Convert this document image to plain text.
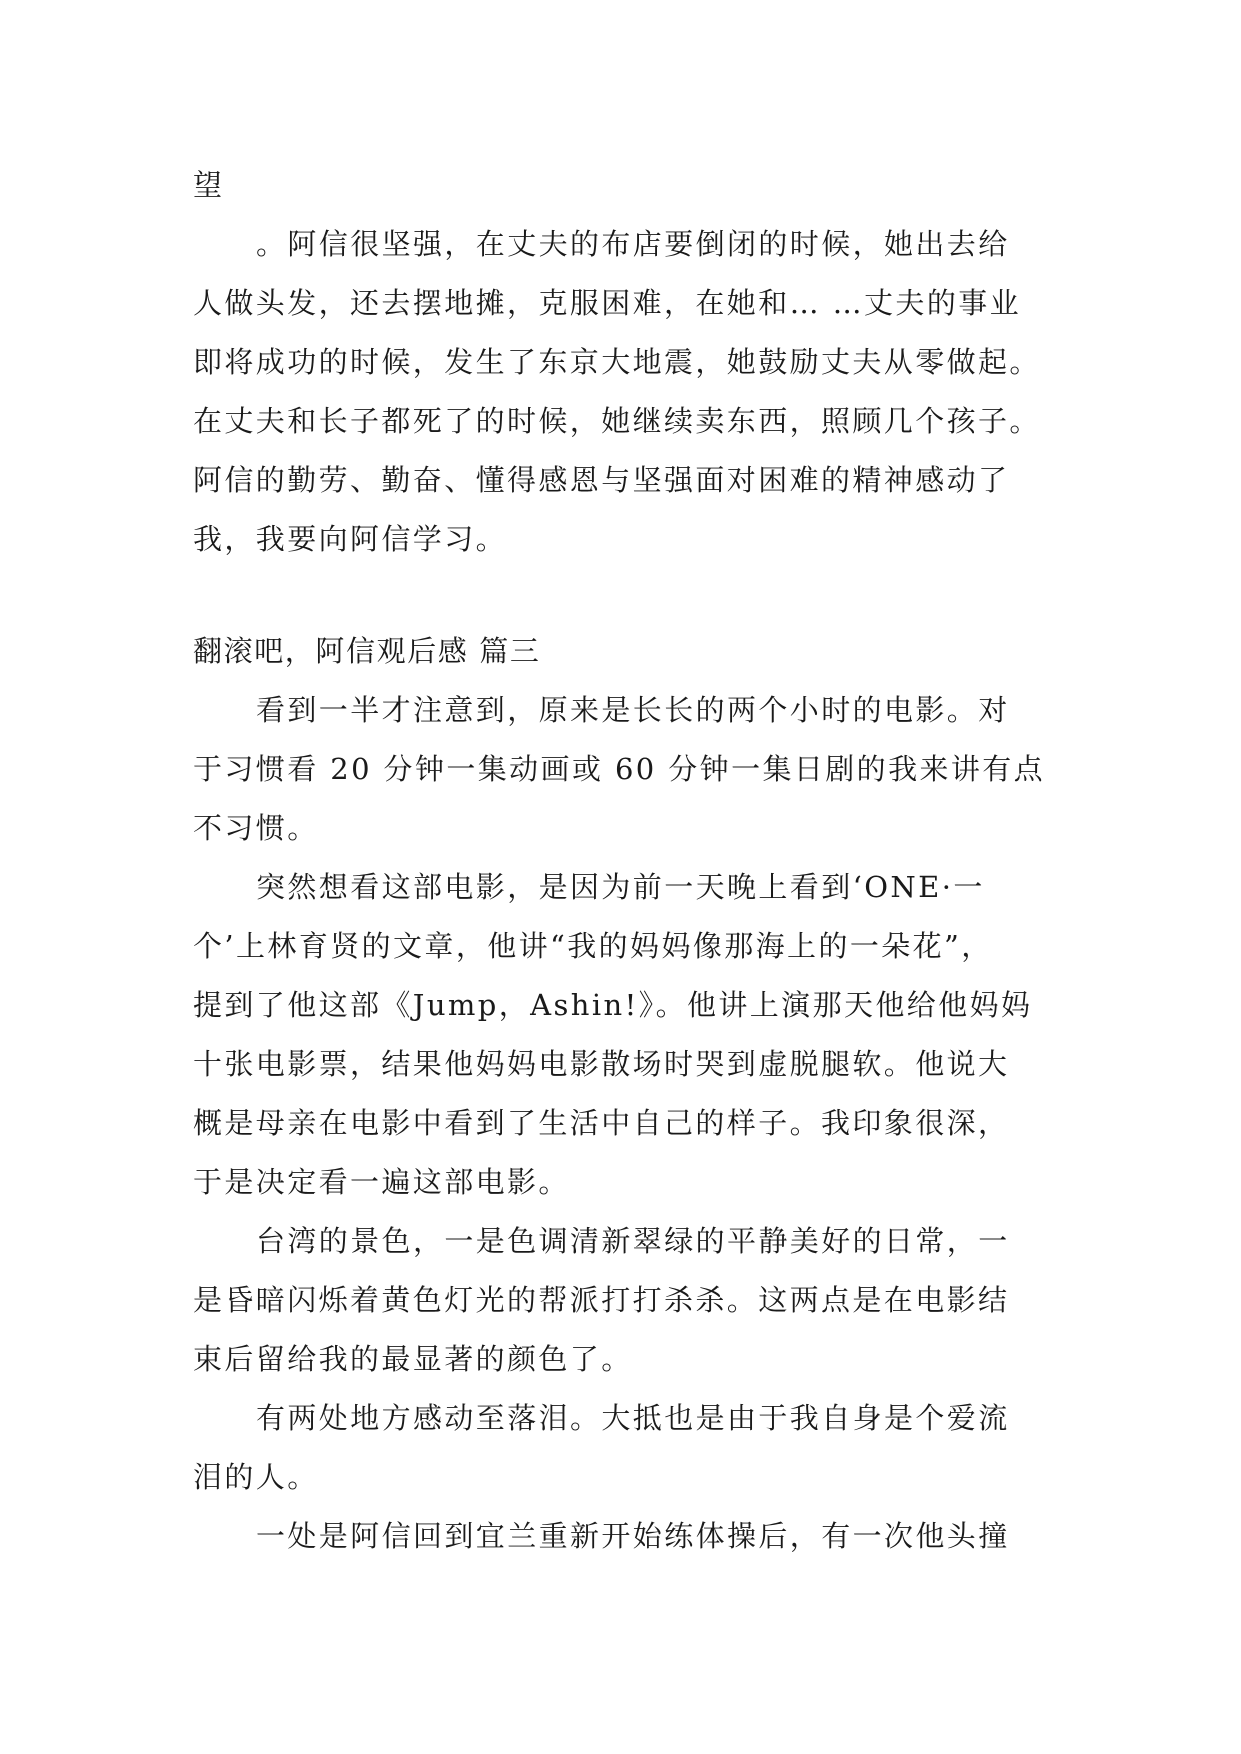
望
。阿信很坚强，在丈夫的布店要倒闭的时候，她出去给
人做头发，还去摆地摊，克服困难，在她和… …丈夫的事业
即将成功的时候，发生了东京大地震，她鼓励丈夫从零做起。
在丈夫和长子都死了的时候，她继续卖东西，照顾几个孩子。
阿信的勤劳、勤奋、懂得感恩与坚强面对困难的精神感动了
我，我要向阿信学习。
翻滚吧，阿信观后感 篇三
看到一半才注意到，原来是长长的两个小时的电影。对
于习惯看 20 分钟一集动画或 60 分钟一集日剧的我来讲有点
不习惯。
突然想看这部电影，是因为前一天晚上看到‘ONE·一
个’上林育贤的文章，他讲“我的妈妈像那海上的一朵花”，
提到了他这部《Jump，Ashin!》。他讲上演那天他给他妈妈
十张电影票，结果他妈妈电影散场时哭到虚脱腿软。他说大
概是母亲在电影中看到了生活中自己的样子。我印象很深，
于是决定看一遍这部电影。
台湾的景色，一是色调清新翠绿的平静美好的日常，一
是昏暗闪烁着黄色灯光的帮派打打杀杀。这两点是在电影结
束后留给我的最显著的颜色了。
有两处地方感动至落泪。大抵也是由于我自身是个爱流
泪的人。
一处是阿信回到宜兰重新开始练体操后，有一次他头撞
